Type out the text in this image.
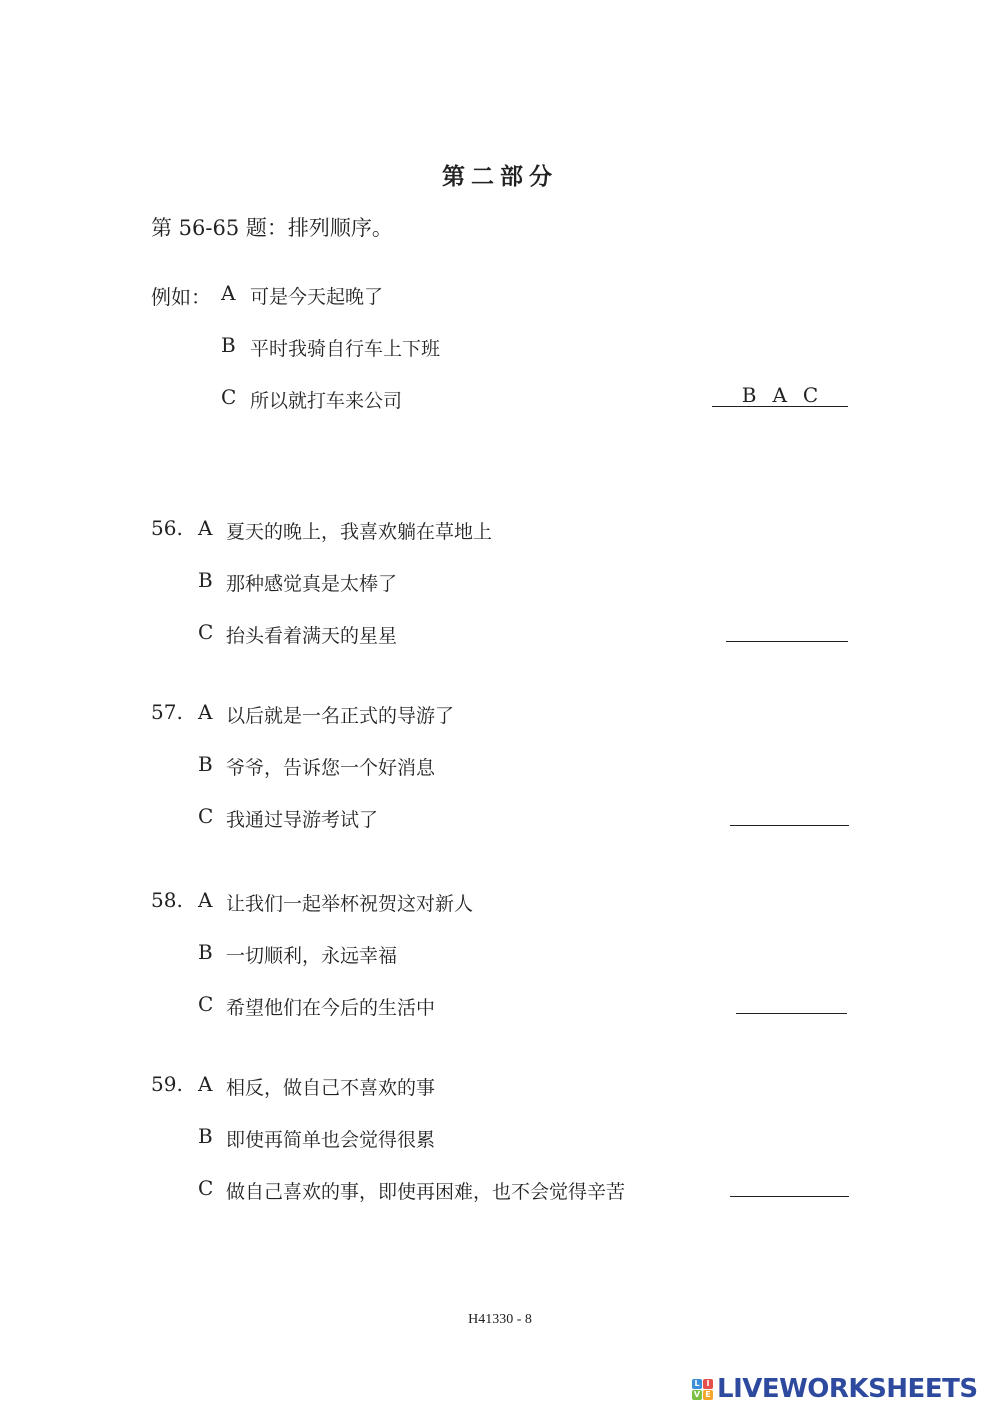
第二部分
第 56-65 题：排列顺序。
例如： A 可是今天起晚了
B 平时我骑自行车上下班
C 所以就打车来公司	B A C
56. A 夏天的晚上，我喜欢躺在草地上
B 那种感觉真是太棒了
C 抬头看着满天的星星
57. A 以后就是一名正式的导游了
B 爷爷，告诉您一个好消息
C 我通过导游考试了
58. A 让我们一起举杯祝贺这对新人
B 一切顺利，永远幸福
C 希望他们在今后的生活中
59. A 相反，做自己不喜欢的事
B 即使再简单也会觉得很累
C 做自己喜欢的事，即使再困难，也不会觉得辛苦
H41330 - 8
L I
V E LIVEWORKSHEETS
